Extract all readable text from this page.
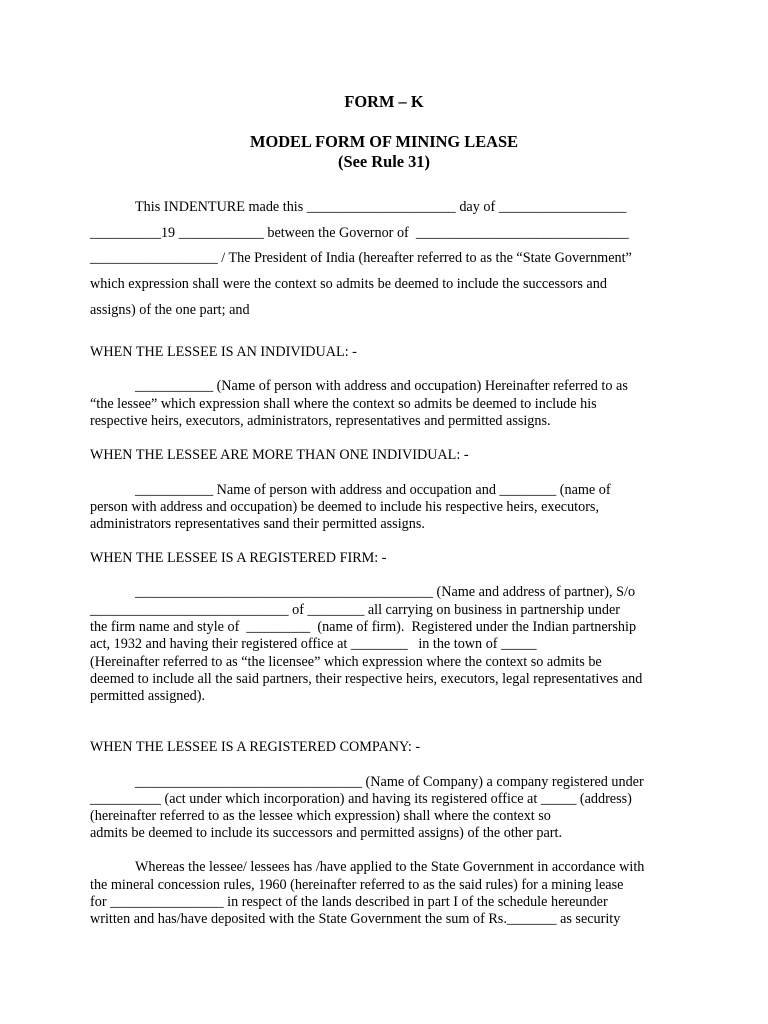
FORM – K
MODEL FORM OF MINING LEASE
(See Rule 31)
This INDENTURE made this _____________________ day of __________________
__________19 ____________ between the Governor of  ______________________________
__________________ / The President of India (hereafter referred to as the “State Government”
which expression shall were the context so admits be deemed to include the successors and
assigns) of the one part; and
WHEN THE LESSEE IS AN INDIVIDUAL: -
___________ (Name of person with address and occupation) Hereinafter referred to as
“the lessee” which expression shall where the context so admits be deemed to include his
respective heirs, executors, administrators, representatives and permitted assigns.
WHEN THE LESSEE ARE MORE THAN ONE INDIVIDUAL: -
___________ Name of person with address and occupation and ________ (name of
person with address and occupation) be deemed to include his respective heirs, executors,
administrators representatives sand their permitted assigns.
WHEN THE LESSEE IS A REGISTERED FIRM: -
__________________________________________ (Name and address of partner), S/o
____________________________ of ________ all carrying on business in partnership under
the firm name and style of  _________  (name of firm).  Registered under the Indian partnership
act, 1932 and having their registered office at ________   in the town of _____
(Hereinafter referred to as “the licensee” which expression where the context so admits be
deemed to include all the said partners, their respective heirs, executors, legal representatives and
permitted assigned).
WHEN THE LESSEE IS A REGISTERED COMPANY: -
________________________________ (Name of Company) a company registered under
__________ (act under which incorporation) and having its registered office at _____ (address)
(hereinafter referred to as the lessee which expression) shall where the context so
admits be deemed to include its successors and permitted assigns) of the other part.
Whereas the lessee/ lessees has /have applied to the State Government in accordance with
the mineral concession rules, 1960 (hereinafter referred to as the said rules) for a mining lease
for ________________ in respect of the lands described in part I of the schedule hereunder
written and has/have deposited with the State Government the sum of Rs._______ as security
